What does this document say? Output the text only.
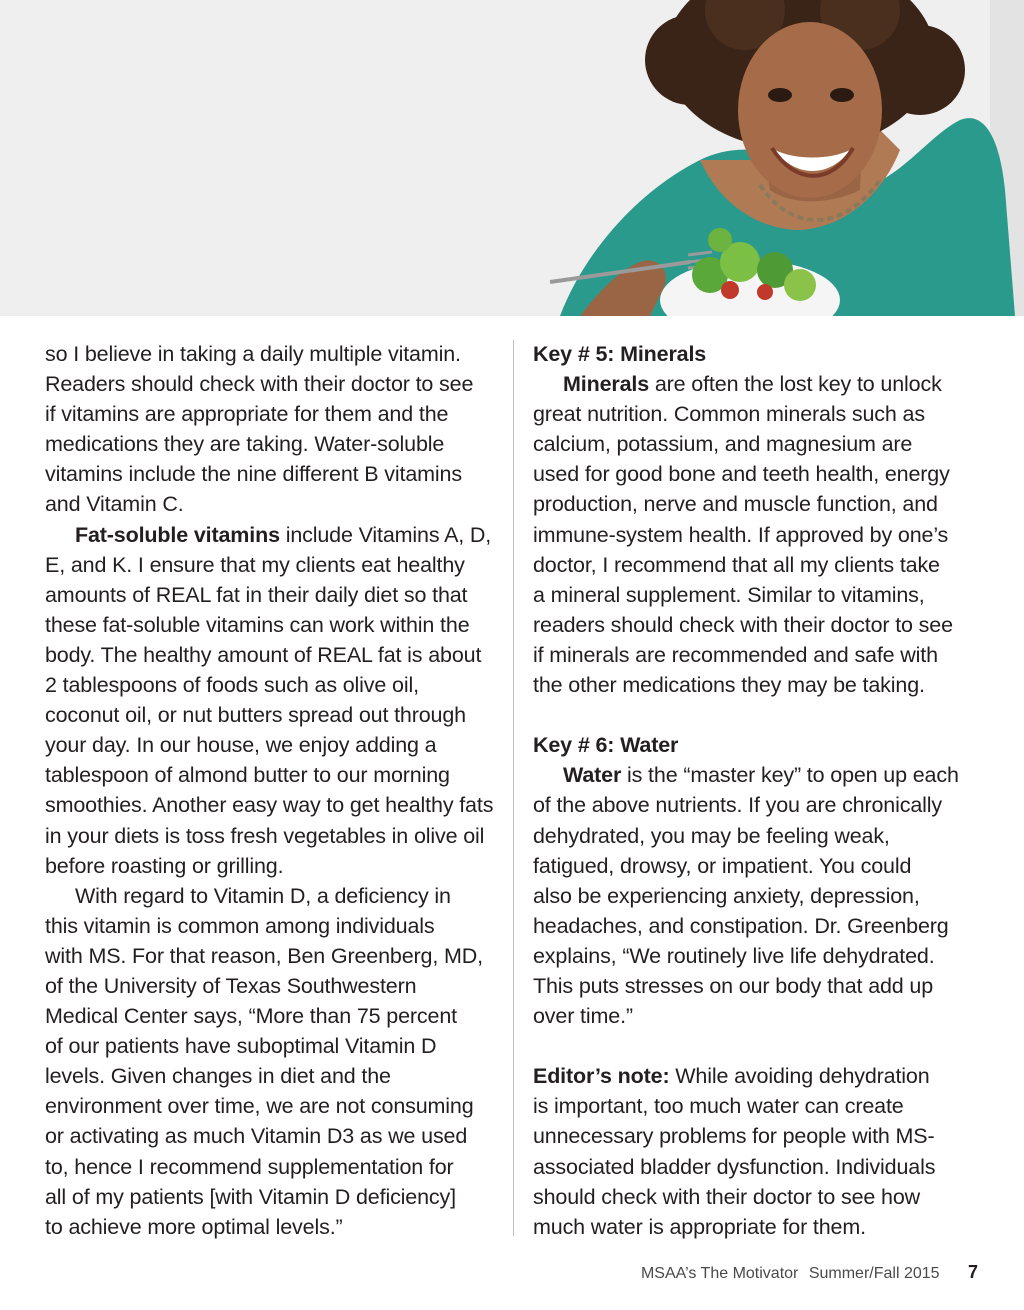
so I believe in taking a daily multiple vitamin.
Readers should check with their doctor to see
if vitamins are appropriate for them and the
medications they are taking. Water-soluble
vitamins include the nine different B vitamins
and Vitamin C.

Fat-soluble vitamins include Vitamins A, D,
E, and K. I ensure that my clients eat healthy
amounts of REAL fat in their daily diet so that
these fat-soluble vitamins can work within the
body. The healthy amount of REAL fat is about
2 tablespoons of foods such as olive oil,
coconut oil, or nut butters spread out through
your day. In our house, we enjoy adding a
tablespoon of almond butter to our morning
smoothies. Another easy way to get healthy fats
in your diets is toss fresh vegetables in olive oil
before roasting or grilling.

With regard to Vitamin D, a deficiency in
this vitamin is common among individuals
with MS. For that reason, Ben Greenberg, MD,
of the University of Texas Southwestern
Medical Center says, “More than 75 percent
of our patients have suboptimal Vitamin D
levels. Given changes in diet and the
environment over time, we are not consuming
or activating as much Vitamin D3 as we used
to, hence I recommend supplementation for
all of my patients [with Vitamin D deficiency]
to achieve more optimal levels.”

Key # 5: Minerals

Minerals are often the lost key to unlock
great nutrition. Common minerals such as
calcium, potassium, and magnesium are
used for good bone and teeth health, energy
production, nerve and muscle function, and
immune-system health. If approved by one’s
doctor, I recommend that all my clients take
a mineral supplement. Similar to vitamins,
readers should check with their doctor to see
if minerals are recommended and safe with
the other medications they may be taking.

Key # 6: Water

Water is the “master key” to open up each
of the above nutrients. If you are chronically
dehydrated, you may be feeling weak,
fatigued, drowsy, or impatient. You could
also be experiencing anxiety, depression,
headaches, and constipation. Dr. Greenberg
explains, “We routinely live life dehydrated.
This puts stresses on our body that add up
over time.”

Editor’s note: While avoiding dehydration
is important, too much water can create
unnecessary problems for people with MS-
associated bladder dysfunction. Individuals
should check with their doctor to see how
much water is appropriate for them.

MSAA’s The Motivator Summer/Fall 2015 7
